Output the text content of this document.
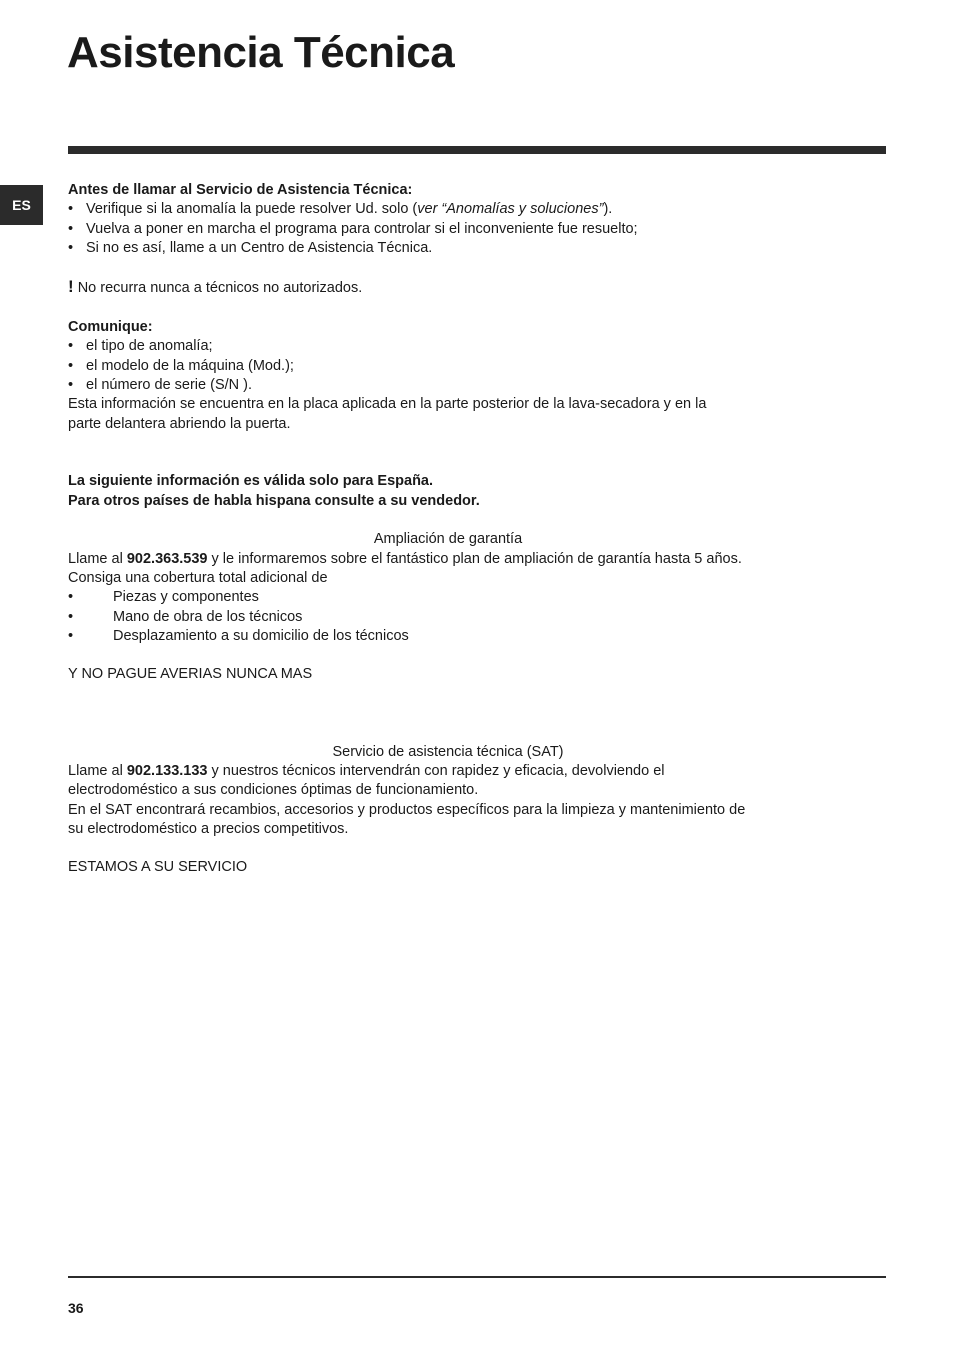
Asistencia Técnica
ES

Antes de llamar al Servicio de Asistencia Técnica:

• Verifique si la anomalía la puede resolver Ud. solo (ver “Anomalías y soluciones”).
• Vuelva a poner en marcha el programa para controlar si el inconveniente fue resuelto;
• Si no es así, llame a un Centro de Asistencia Técnica.

! No recurra nunca a técnicos no autorizados.

Comunique:

• el tipo de anomalía;
• el modelo de la máquina (Mod.);
• el número de serie (S/N ).

Esta información se encuentra en la placa aplicada en la parte posterior de la lava-secadora y en la

parte delantera abriendo la puerta.

La siguiente información es válida solo para España.

Para otros países de habla hispana consulte a su vendedor.

Ampliación de garantía

Llame al 902.363.539 y le informaremos sobre el fantástico plan de ampliación de garantía hasta 5 años.

Consiga una cobertura total adicional de

• Piezas y componentes
• Mano de obra de los técnicos
• Desplazamiento a su domicilio de los técnicos

Y NO PAGUE AVERIAS NUNCA MAS

Servicio de asistencia técnica (SAT)

Llame al 902.133.133 y nuestros técnicos intervendrán con rapidez y eficacia, devolviendo el

electrodoméstico a sus condiciones óptimas de funcionamiento.

En el SAT encontrará recambios, accesorios y productos específicos para la limpieza y mantenimiento de

su electrodoméstico a precios competitivos.

ESTAMOS A SU SERVICIO

36
